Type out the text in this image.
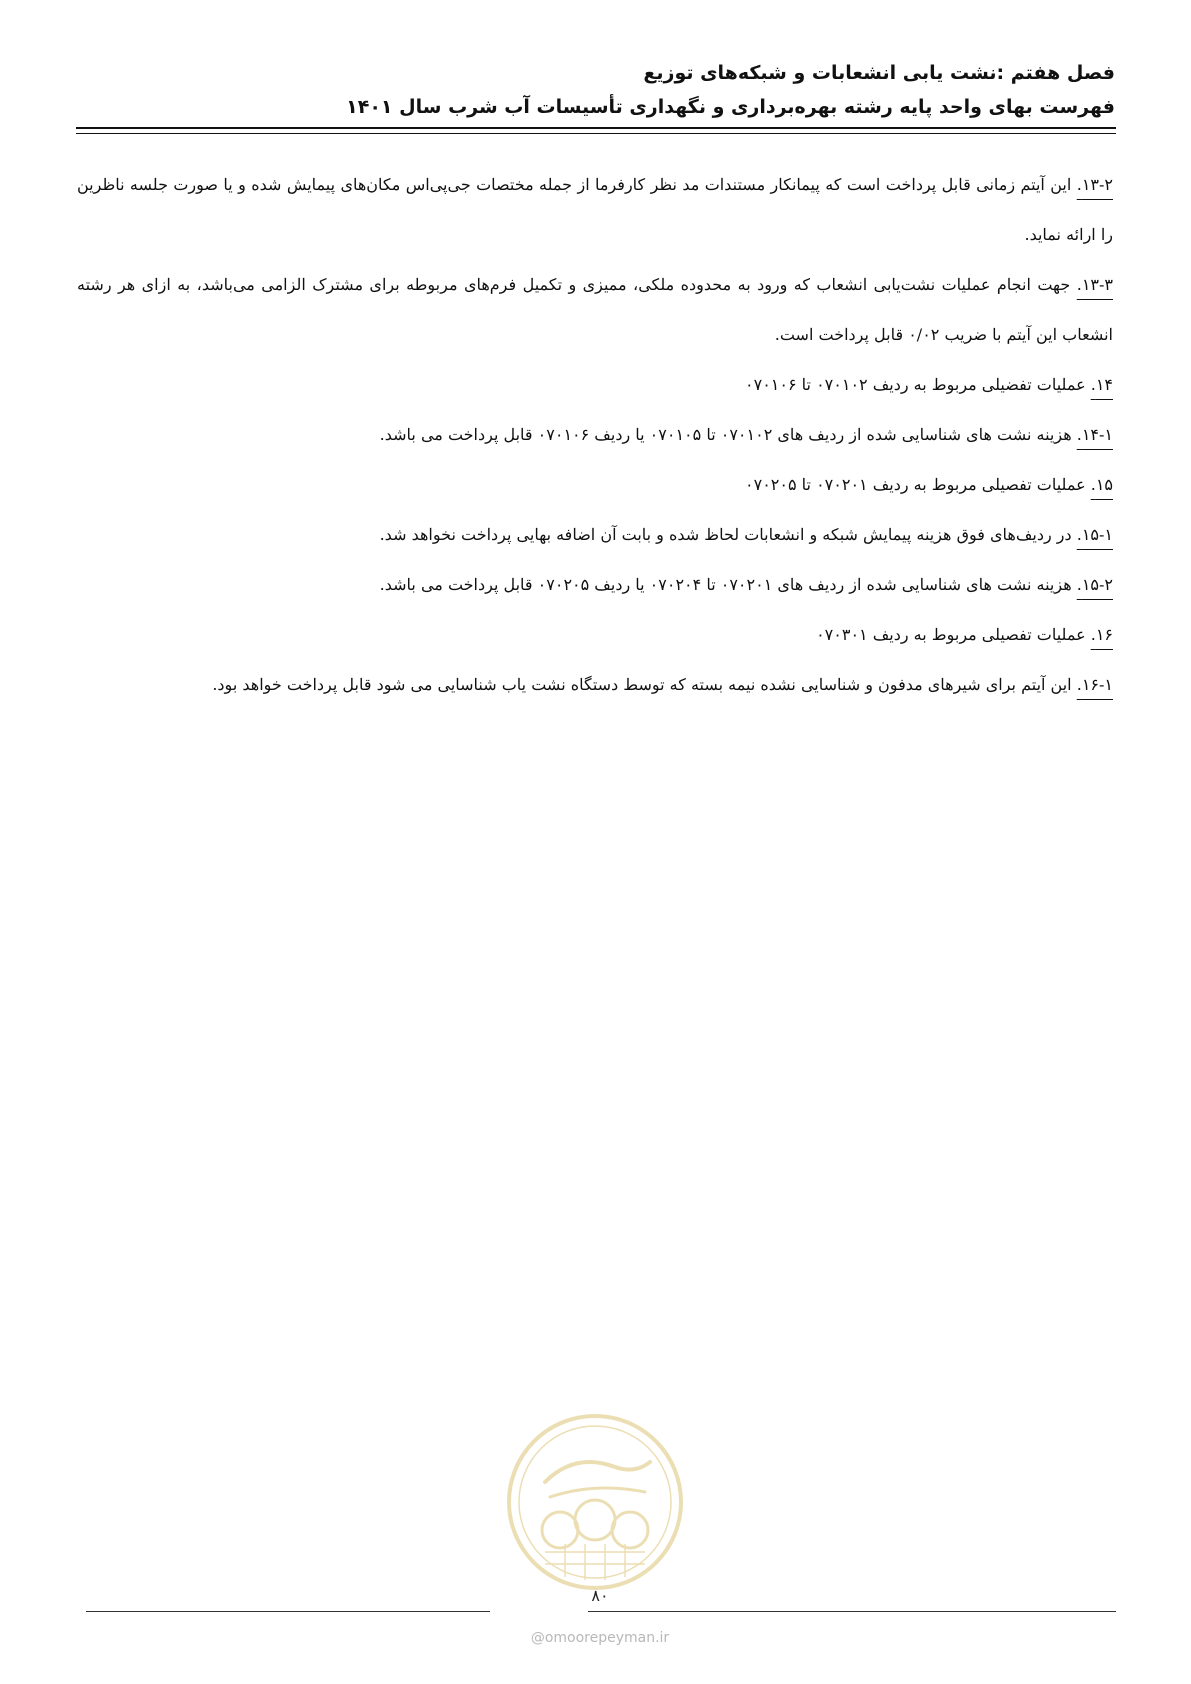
فصل هفتم :نشت یابی انشعابات و شبکه‌های توزیع
فهرست بهای واحد پایه رشته بهره‌برداری و نگهداری تأسیسات آب شرب سال ۱۴۰۱

۱۳-۲. این آیتم زمانی قابل پرداخت است که پیمانکار مستندات مد نظر کارفرما از جمله مختصات جی‌پی‌اس مکان‌های پیمایش شده و یا صورت جلسه ناظرین را ارائه نماید.

۱۳-۳. جهت انجام عملیات نشت‌یابی انشعاب که ورود به محدوده ملکی، ممیزی و تکمیل فرم‌های مربوطه برای مشترک الزامی می‌باشد، به ازای هر رشته انشعاب این آیتم با ضریب ۰/۰۲ قابل پرداخت است.

۱۴. عملیات تفضیلی مربوط به ردیف ۰۷۰۱۰۲ تا ۰۷۰۱۰۶

۱۴-۱. هزینه نشت های شناسایی شده از ردیف های ۰۷۰۱۰۲ تا ۰۷۰۱۰۵ یا ردیف ۰۷۰۱۰۶ قابل پرداخت می باشد.

۱۵. عملیات تفصیلی مربوط به ردیف ۰۷۰۲۰۱ تا ۰۷۰۲۰۵

۱۵-۱. در ردیف‌های فوق هزینه پیمایش شبکه و انشعابات لحاظ شده و بابت آن اضافه بهایی پرداخت نخواهد شد.

۱۵-۲. هزینه نشت های شناسایی شده از ردیف های ۰۷۰۲۰۱ تا ۰۷۰۲۰۴ یا ردیف ۰۷۰۲۰۵ قابل پرداخت می باشد.

۱۶. عملیات تفصیلی مربوط به ردیف ۰۷۰۳۰۱

۱۶-۱. این آیتم برای شیرهای مدفون و شناسایی نشده نیمه بسته که توسط دستگاه نشت یاب شناسایی می شود قابل پرداخت خواهد بود.

۸۰
@omoorepeyman.ir
